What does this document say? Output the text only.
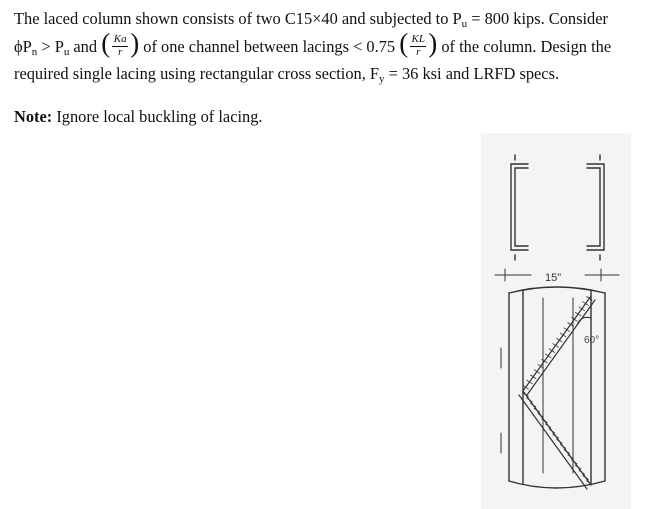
The laced column shown consists of two C15×40 and subjected to $P_u = 800$ kips. Consider

$\phi P_n > P_u$ and ( Ka
r ) of one channel between lacings < 0.75 ( KL
r ) of the column. Design the

required single lacing using rectangular cross section, $F_y = 36$ ksi and LRFD specs.

Note: Ignore local buckling of lacing.
15"
60°
